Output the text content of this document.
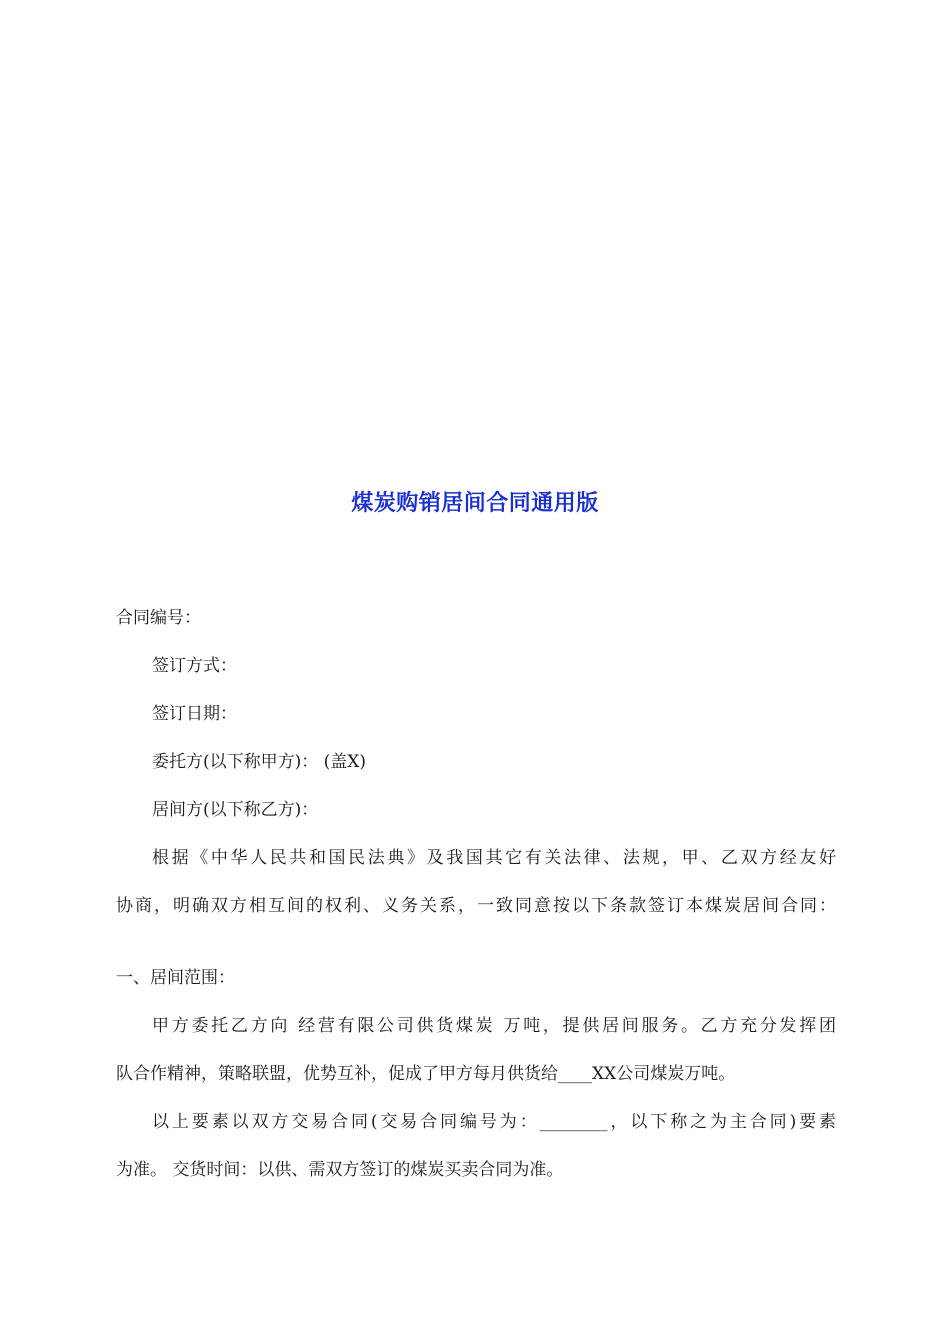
煤炭购销居间合同通用版
合同编号：
签订方式：
签订日期：
委托方(以下称甲方)： (盖X)
居间方(以下称乙方)：
根据《中华人民共和国民法典》及我国其它有关法律、法规，甲、乙双方经友好
协商，明确双方相互间的权利、义务关系，一致同意按以下条款签订本煤炭居间合同：
一、居间范围：
甲方委托乙方向 经营有限公司供货煤炭 万吨，提供居间服务。乙方充分发挥团
队合作精神，策略联盟，优势互补，促成了甲方每月供货给____XX公司煤炭万吨。
以上要素以双方交易合同(交易合同编号为：________，以下称之为主合同)要素
为准。 交货时间：以供、需双方签订的煤炭买卖合同为准。
